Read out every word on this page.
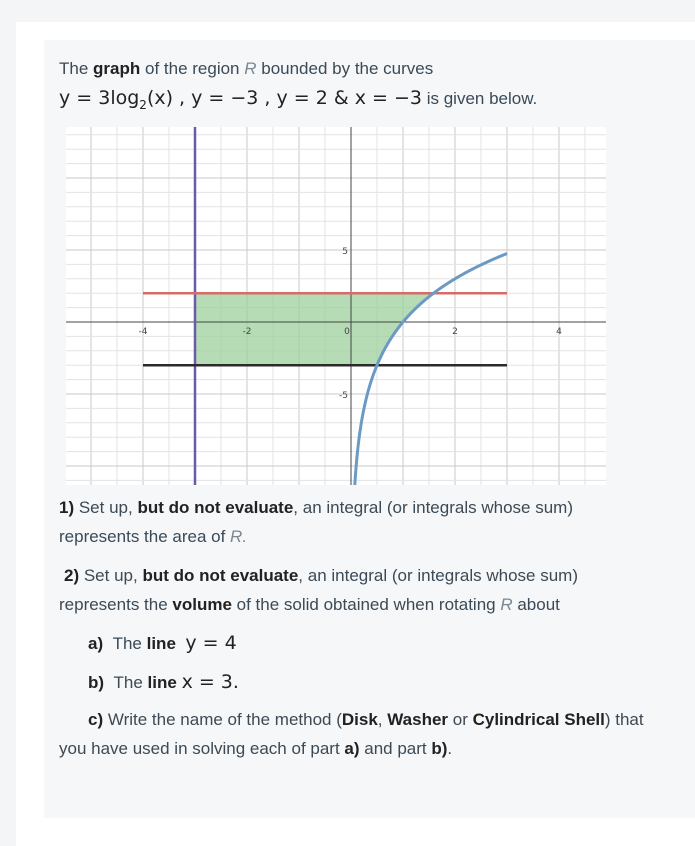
The graph of the region R bounded by the curves
$y = 3\log_2(x)$ , y = −3 , y = 2 & x = −3 is given below.
-4	-2	0	2	4
5
-5
1) Set up, but do not evaluate, an integral (or integrals whose sum)
represents the area of R.
2) Set up, but do not evaluate, an integral (or integrals whose sum)
represents the volume of the solid obtained when rotating R about
a) The line y = 4
b) The line x = 3.
c) Write the name of the method (Disk, Washer or Cylindrical Shell) that
you have used in solving each of part a) and part b).
